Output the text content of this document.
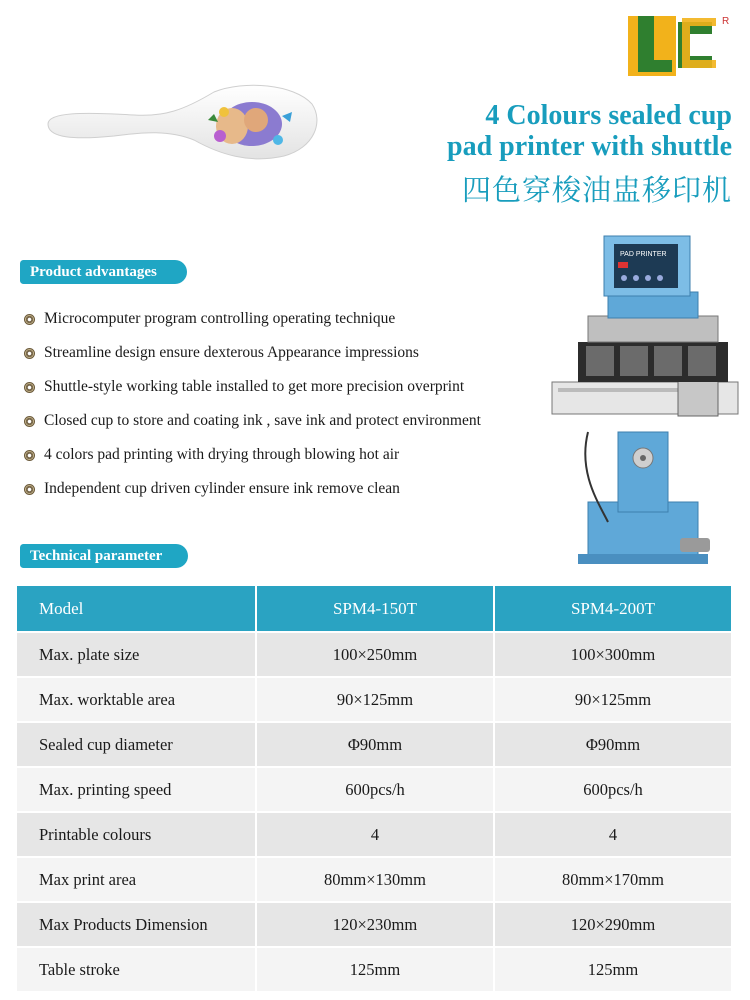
R
4 Colours sealed cup
pad printer with shuttle
四色穿梭油盅移印机
Product advantages
Microcomputer program controlling operating technique
Streamline design ensure dexterous Appearance impressions
Shuttle-style working table installed to get more precision overprint
Closed cup to store and coating ink , save ink and protect environment
4 colors pad printing with drying through blowing hot air
Independent cup driven cylinder ensure ink remove clean
PAD PRINTER
Technical parameter
Model	SPM4-150T	SPM4-200T
Max. plate size	100×250mm	100×300mm
Max. worktable area	90×125mm	90×125mm
Sealed cup diameter	Φ90mm	Φ90mm
Max. printing speed	600pcs/h	600pcs/h
Printable colours	4	4
Max print area	80mm×130mm	80mm×170mm
Max Products Dimension	120×230mm	120×290mm
Table stroke	125mm	125mm
